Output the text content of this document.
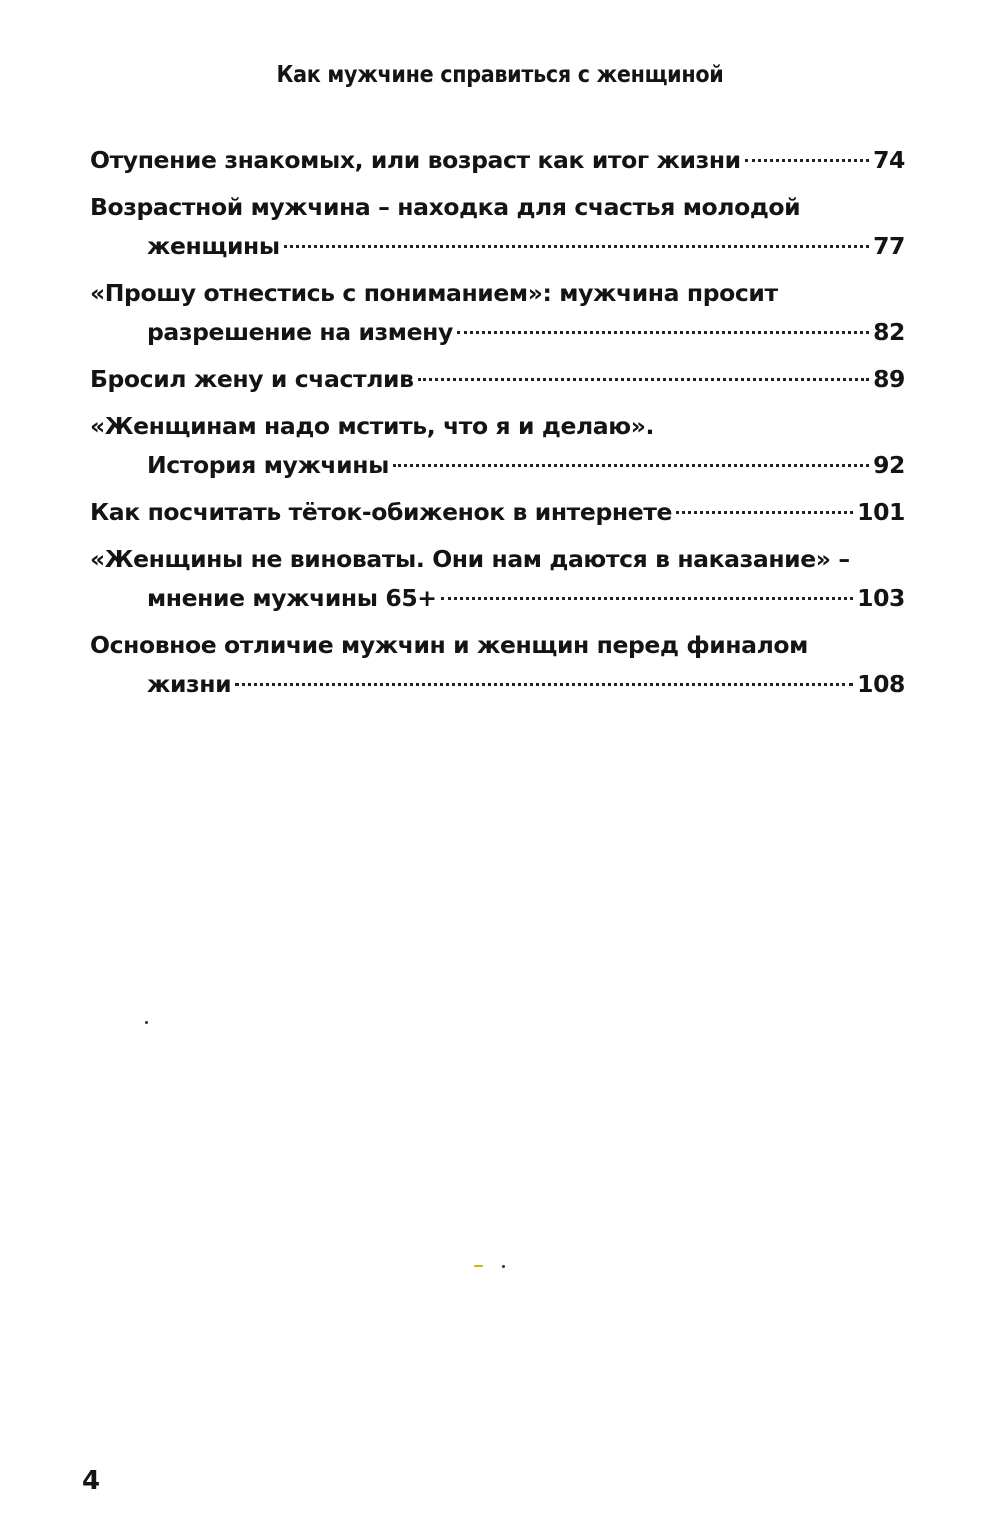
Как мужчине справиться с женщиной
Отупение знакомых, или возраст как итог жизни	74
Возрастной мужчина – находка для счастья молодой
женщины	77
«Прошу отнестись с пониманием»: мужчина просит
разрешение на измену	82
Бросил жену и счастлив	89
«Женщинам надо мстить, что я и делаю».
История мужчины	92
Как посчитать тёток-обиженок в интернете	101
«Женщины не виноваты. Они нам даются в наказание» –
мнение мужчины 65+	103
Основное отличие мужчин и женщин перед финалом
жизни	108
4
